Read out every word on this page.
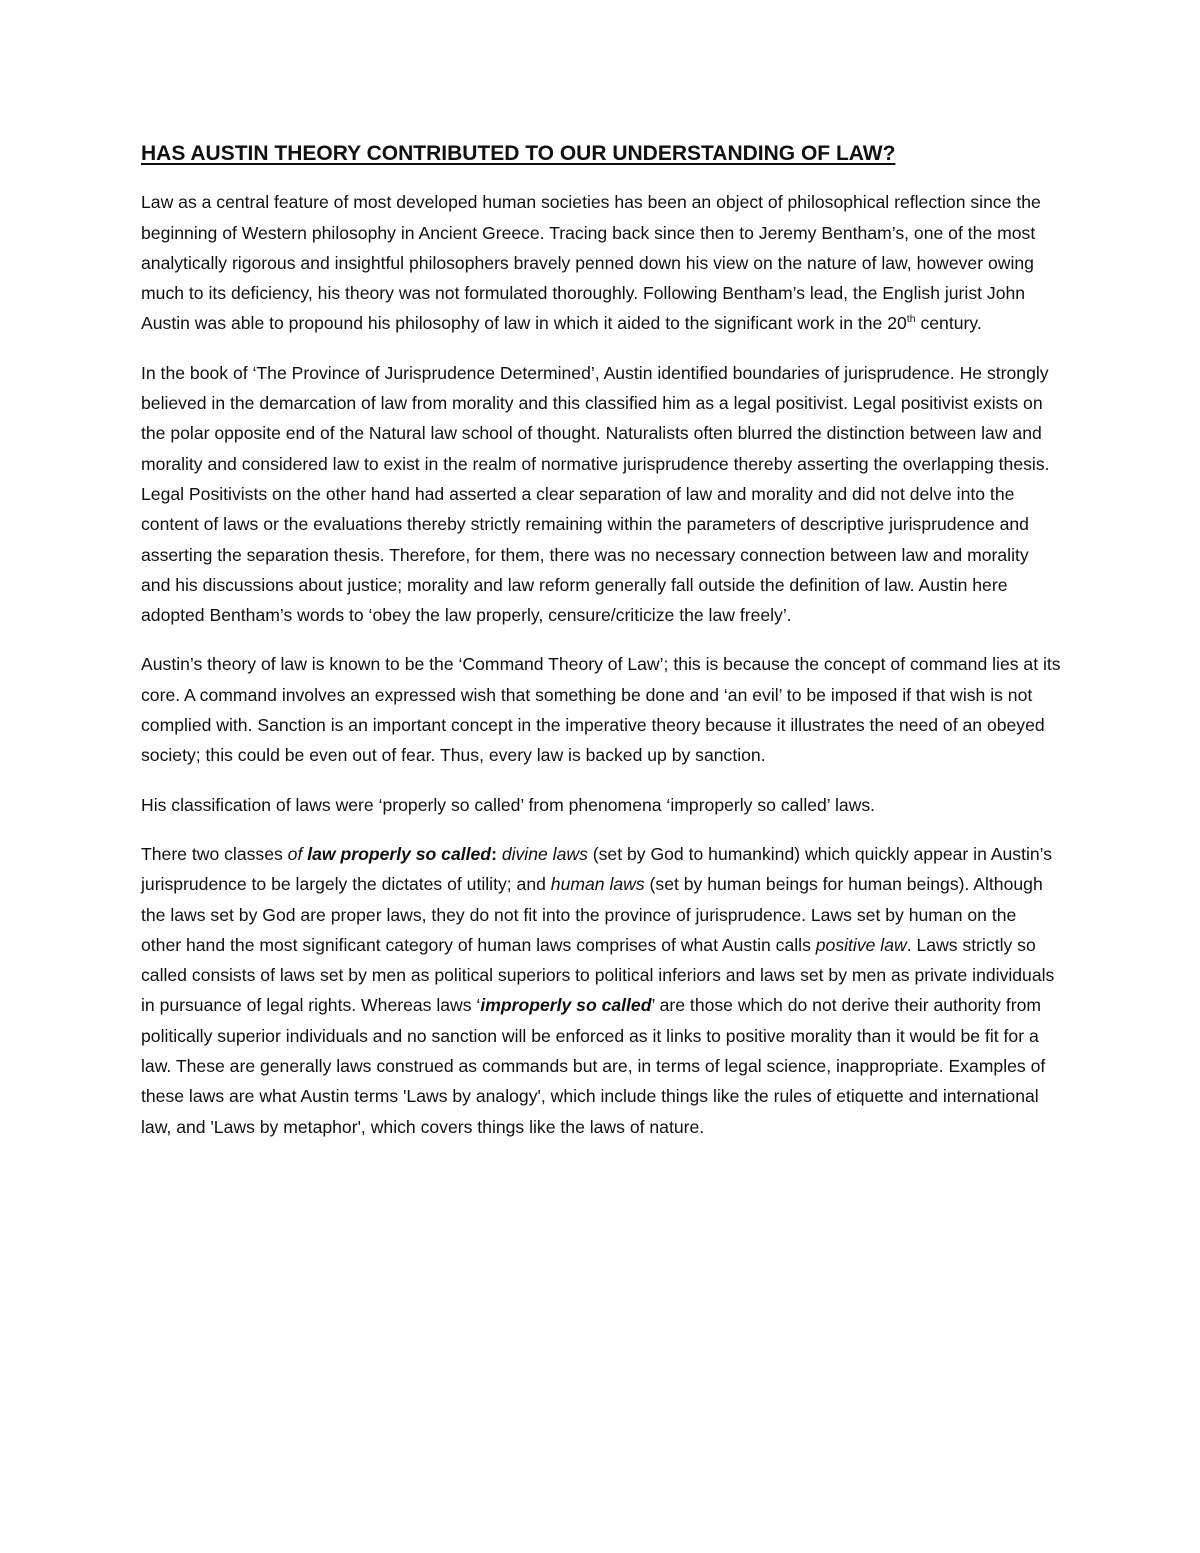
HAS AUSTIN THEORY CONTRIBUTED TO OUR UNDERSTANDING OF LAW?

Law as a central feature of most developed human societies has been an object of philosophical reflection since the beginning of Western philosophy in Ancient Greece. Tracing back since then to Jeremy Bentham’s, one of the most analytically rigorous and insightful philosophers bravely penned down his view on the nature of law, however owing much to its deficiency, his theory was not formulated thoroughly. Following Bentham’s lead, the English jurist John Austin was able to propound his philosophy of law in which it aided to the significant work in the 20th century.

In the book of ‘The Province of Jurisprudence Determined’, Austin identified boundaries of jurisprudence. He strongly believed in the demarcation of law from morality and this classified him as a legal positivist. Legal positivist exists on the polar opposite end of the Natural law school of thought. Naturalists often blurred the distinction between law and morality and considered law to exist in the realm of normative jurisprudence thereby asserting the overlapping thesis. Legal Positivists on the other hand had asserted a clear separation of law and morality and did not delve into the content of laws or the evaluations thereby strictly remaining within the parameters of descriptive jurisprudence and asserting the separation thesis. Therefore, for them, there was no necessary connection between law and morality and his discussions about justice; morality and law reform generally fall outside the definition of law. Austin here adopted Bentham’s words to ‘obey the law properly, censure/criticize the law freely’.

Austin’s theory of law is known to be the ‘Command Theory of Law’; this is because the concept of command lies at its core. A command involves an expressed wish that something be done and ‘an evil’ to be imposed if that wish is not complied with. Sanction is an important concept in the imperative theory because it illustrates the need of an obeyed society; this could be even out of fear. Thus, every law is backed up by sanction.

His classification of laws were ‘properly so called’ from phenomena ‘improperly so called’ laws.

There two classes of law properly so called: divine laws (set by God to humankind) which quickly appear in Austin’s jurisprudence to be largely the dictates of utility; and human laws (set by human beings for human beings). Although the laws set by God are proper laws, they do not fit into the province of jurisprudence. Laws set by human on the other hand the most significant category of human laws comprises of what Austin calls positive law. Laws strictly so called consists of laws set by men as political superiors to political inferiors and laws set by men as private individuals in pursuance of legal rights. Whereas laws ‘improperly so called’ are those which do not derive their authority from politically superior individuals and no sanction will be enforced as it links to positive morality than it would be fit for a law. These are generally laws construed as commands but are, in terms of legal science, inappropriate. Examples of these laws are what Austin terms 'Laws by analogy', which include things like the rules of etiquette and international law, and 'Laws by metaphor', which covers things like the laws of nature.
